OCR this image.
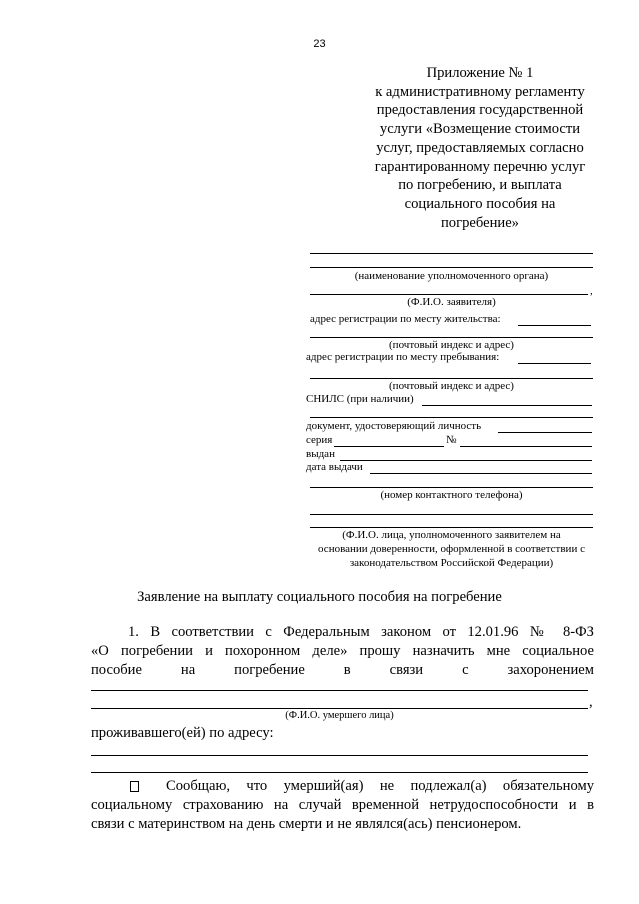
23
Приложение № 1
к административному регламенту
предоставления государственной
услуги «Возмещение стоимости
услуг, предоставляемых согласно
гарантированному перечню услуг
по погребению, и выплата
социального пособия на
погребение»
(наименование уполномоченного органа)
,
(Ф.И.О. заявителя)
адрес регистрации по месту жительства:
(почтовый индекс и адрес)
адрес регистрации по месту пребывания:
(почтовый индекс и адрес)
СНИЛС (при наличии)
документ, удостоверяющий личность
серия	№
выдан
дата выдачи
(номер контактного телефона)
(Ф.И.О. лица, уполномоченного заявителем на
основании доверенности, оформленной в соответствии с
законодательством Российской Федерации)
Заявление на выплату социального пособия на погребение
1. В соответствии с Федеральным законом от 12.01.96 № 8-ФЗ
«О погребении и похоронном деле» прошу назначить мне социальное
пособие на погребение в связи с захоронением
,
(Ф.И.О. умершего лица)
проживавшего(ей) по адресу:
Сообщаю, что умерший(ая) не подлежал(а) обязательному
социальному страхованию на случай временной нетрудоспособности и в
связи с материнством на день смерти и не являлся(ась) пенсионером.
